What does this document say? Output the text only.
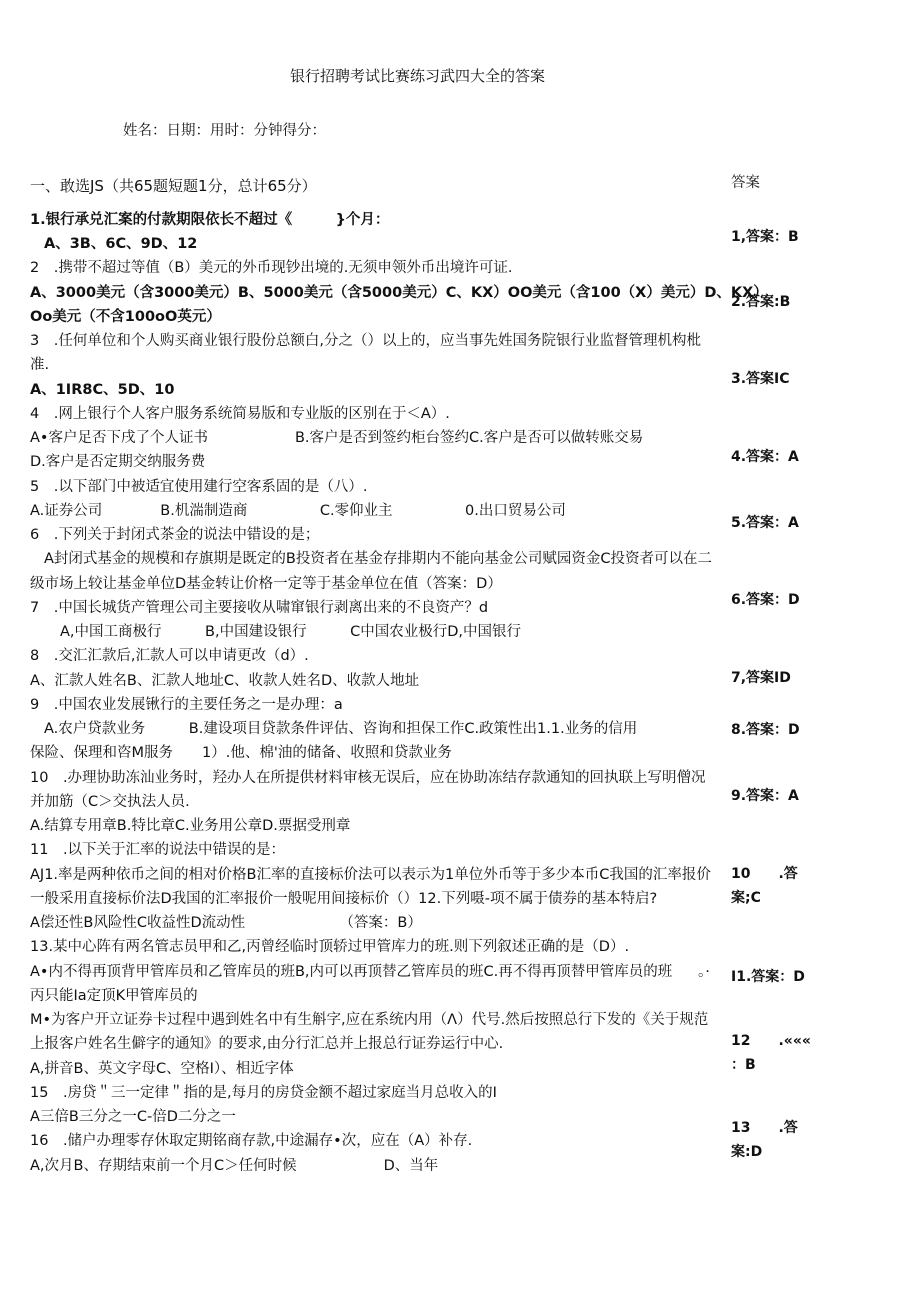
银行招聘考试比赛练习武四大全的答案
姓名：日期：用时：分钟得分：
一、敢选JS（共65题短题1分，总计65分）	答案
1.银行承兑汇案的付款期限依长不超过《　　　}个月：
A、3B、6C、9D、12
2　.携带不超过等值（B）美元的外币现钞出境的.无须申领外币出境许可证.
A、3000美元（含3000美元）B、5000美元（含5000美元）C、KX）OO美元（含100（X）美元）D、KX）
Oo美元（不含100oO英元）
3　.任何单位和个人购买商业银行股份总额白,分之（）以上的，应当事先姓国务院银行业监督管理机构枇
准.
A、1IR8C、5D、10
4　.网上银行个人客户服务系统简易版和专业版的区别在于＜A）.
A•客户足否下戌了个人证书　　　　　　B.客户是否到签约柜台签约C.客户是否可以做转账交易
D.客户是否定期交纳服务费
5　.以下部门中被适宜使用建行空客系固的是（八）.
A.证券公司　　　　B.机湍制造商　　　　　C.零仰业主　　　　　0.出口贸易公司
6　.下列关于封闭式茶金的说法中错设的是；
A封闭式基金的规模和存旗期是既定的B投资者在基金存排期内不能向基金公司赋园资金C投资者可以在二
级市场上较让基金单位D基金转让价格一定等于基金单位在值（答案：D）
7　.中国长城货产管理公司主要接收从啸窜银行剥离出来的不良资产？d
A,中国工商极行　　　B,中国建设银行　　　C中国农业极行D,中国银行
8　.交汇汇款后,汇款人可以申请更改（d）.
A、汇款人姓名B、汇款人地址C、收款人姓名D、收款人地址
9　.中国农业发展锹行的主要任务之一是办理：a
A.农户贷款业务　　　B.建设项目贷款条件评估、咨询和担保工作C.政策性出1.1.业务的信用
保险、保理和咨M服务　　1）.他、棉'油的储备、收照和贷款业务
10　.办理协助冻汕业务时，羟办人在所提供材料审核无误后，应在协助冻结存款通知的回执联上写明僧况
并加筋（C＞交执法人员.
A.结算专用章B.特比章C.业务用公章D.票据受刑章
11　.以下关于汇率的说法中错误的是：
AJ1.率是两种依币之间的相对价格B汇率的直接标价法可以表示为1单位外币等于多少本币C我国的汇率报价
一般采用直接标价法D我国的汇率报价一般呢用间接标价（）12.下列嗫-项不属于债券的基本特启?
A偿还性B风险性C收益性D流动性　　　　　　　（答案：B）
13.某中心阵有两名管志员甲和乙,丙曾经临时顶轿过甲管库力的班.则下列叙述正确的是（D）.
A•内不得再顶背甲管库员和乙管库员的班B,内可以再顶替乙管库员的班C.再不得再顶替甲管库员的班
丙只能Ia定顶K甲管库员的
M•为客户开立证券卡过程中遇到姓名中有生斛字,应在系统内用（Λ）代号.然后按照总行下发的《关于规范
上报客户姓名生僻字的通知》的要求,由分行汇总并上报总行证券运行中心.
A,拼音B、英文字母C、空格I）、相近字体
15　.房贷＂三一定律＂指的是,每月的房贷金额不超过家庭当月总收入的I
A三倍B三分之一C-倍D二分之一
16　.储户办理零存休取定期铭商存款,中途漏存•次，应在（A）补存.
A,次月B、存期结束前一个月C＞任何时候　　　　　　D、当年
。·
1,答案：B
2.答案:B
3.答案IC
4.答案：A
5.答案：A
6.答案：D
7,答案ID
8.答案：D
9.答案：A
10　　.答
案;C
I1.答案：D
12　　.«««
：B
13　　.答
案:D
